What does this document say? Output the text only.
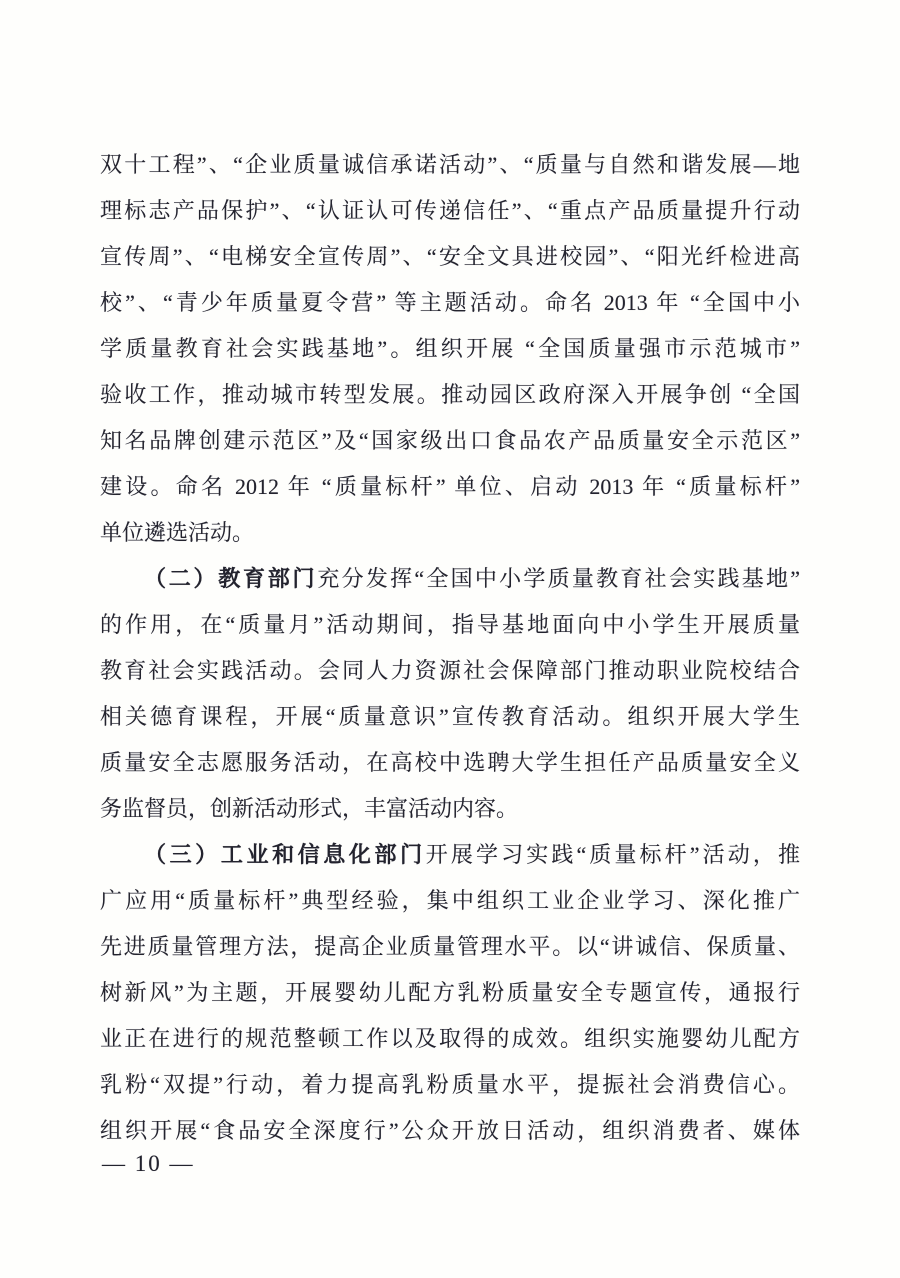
双十工程”、“企业质量诚信承诺活动”、“质量与自然和谐发展—地
理标志产品保护”、“认证认可传递信任”、“重点产品质量提升行动
宣传周”、“电梯安全宣传周”、“安全文具进校园”、“阳光纤检进高
校”、“青少年质量夏令营” 等主题活动。命名 2013 年 “全国中小
学质量教育社会实践基地”。组织开展 “全国质量强市示范城市”
验收工作，推动城市转型发展。推动园区政府深入开展争创 “全国
知名品牌创建示范区”及“国家级出口食品农产品质量安全示范区”
建设。命名 2012 年 “质量标杆” 单位、启动 2013 年 “质量标杆”
单位遴选活动。
（二）教育部门充分发挥“全国中小学质量教育社会实践基地”
的作用，在“质量月”活动期间，指导基地面向中小学生开展质量
教育社会实践活动。会同人力资源社会保障部门推动职业院校结合
相关德育课程，开展“质量意识”宣传教育活动。组织开展大学生
质量安全志愿服务活动，在高校中选聘大学生担任产品质量安全义
务监督员，创新活动形式，丰富活动内容。
（三）工业和信息化部门开展学习实践“质量标杆”活动，推
广应用“质量标杆”典型经验，集中组织工业企业学习、深化推广
先进质量管理方法，提高企业质量管理水平。以“讲诚信、保质量、
树新风”为主题，开展婴幼儿配方乳粉质量安全专题宣传，通报行
业正在进行的规范整顿工作以及取得的成效。组织实施婴幼儿配方
乳粉“双提”行动，着力提高乳粉质量水平，提振社会消费信心。
组织开展“食品安全深度行”公众开放日活动，组织消费者、媒体
— 10 —
